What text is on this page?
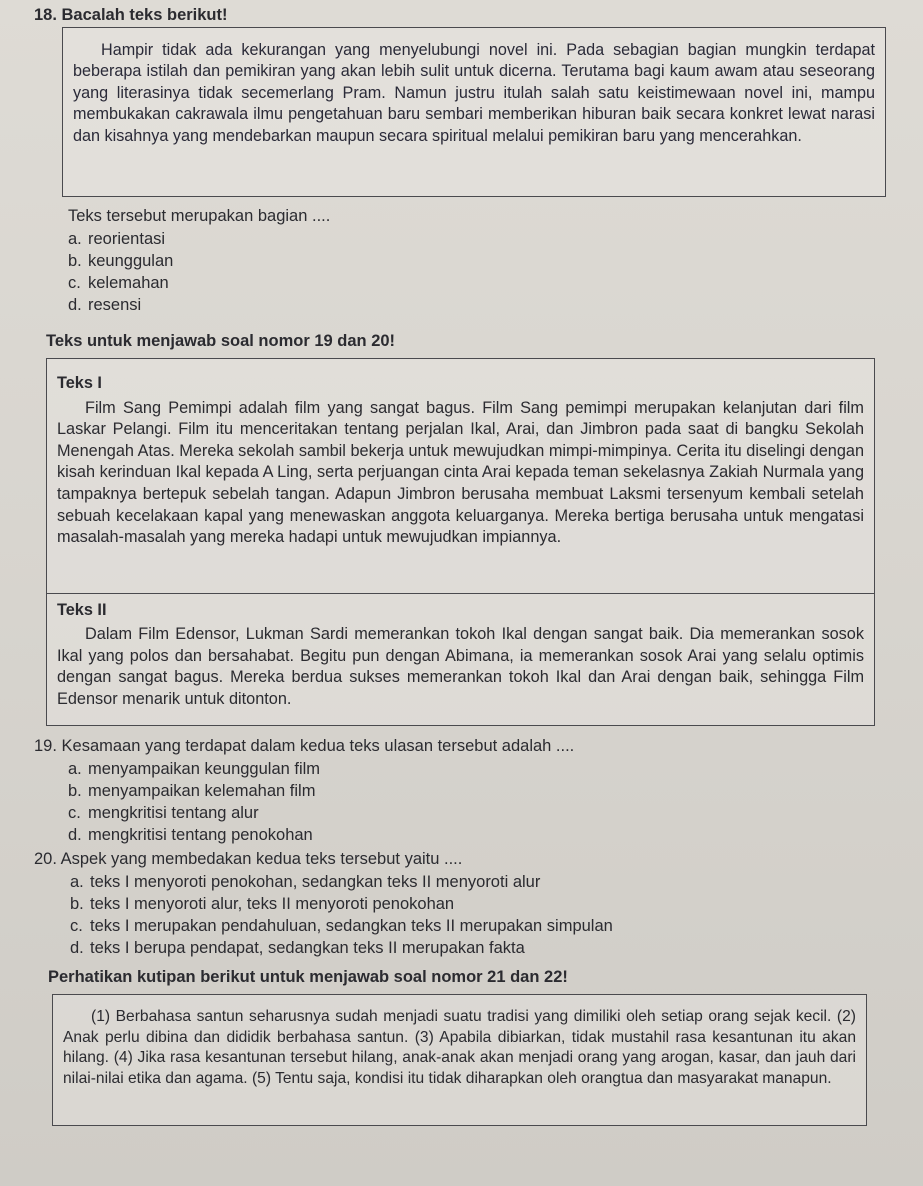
18. Bacalah teks berikut!

Hampir tidak ada kekurangan yang menyelubungi novel ini. Pada sebagian bagian mungkin terdapat beberapa istilah dan pemikiran yang akan lebih sulit untuk dicerna. Terutama bagi kaum awam atau seseorang yang literasinya tidak secemerlang Pram. Namun justru itulah salah satu keistimewaan novel ini, mampu membukakan cakrawala ilmu pengetahuan baru sembari memberikan hiburan baik secara konkret lewat narasi dan kisahnya yang mendebarkan maupun secara spiritual melalui pemikiran baru yang mencerahkan.

Teks tersebut merupakan bagian ....

a. reorientasi
b. keunggulan
c. kelemahan
d. resensi

Teks untuk menjawab soal nomor 19 dan 20!

Teks I

Film Sang Pemimpi adalah film yang sangat bagus. Film Sang pemimpi merupakan kelanjutan dari film Laskar Pelangi. Film itu menceritakan tentang perjalan Ikal, Arai, dan Jimbron pada saat di bangku Sekolah Menengah Atas. Mereka sekolah sambil bekerja untuk mewujudkan mimpi-mimpinya. Cerita itu diselingi dengan kisah kerinduan Ikal kepada A Ling, serta perjuangan cinta Arai kepada teman sekelasnya Zakiah Nurmala yang tampaknya bertepuk sebelah tangan. Adapun Jimbron berusaha membuat Laksmi tersenyum kembali setelah sebuah kecelakaan kapal yang menewaskan anggota keluarganya. Mereka bertiga berusaha untuk mengatasi masalah-masalah yang mereka hadapi untuk mewujudkan impiannya.

Teks II

Dalam Film Edensor, Lukman Sardi memerankan tokoh Ikal dengan sangat baik. Dia memerankan sosok Ikal yang polos dan bersahabat. Begitu pun dengan Abimana, ia memerankan sosok Arai yang selalu optimis dengan sangat bagus. Mereka berdua sukses memerankan tokoh Ikal dan Arai dengan baik, sehingga Film Edensor menarik untuk ditonton.

19. Kesamaan yang terdapat dalam kedua teks ulasan tersebut adalah ....

a. menyampaikan keunggulan film
b. menyampaikan kelemahan film
c. mengkritisi tentang alur
d. mengkritisi tentang penokohan

20. Aspek yang membedakan kedua teks tersebut yaitu ....

a. teks I menyoroti penokohan, sedangkan teks II menyoroti alur
b. teks I menyoroti alur, teks II menyoroti penokohan
c. teks I merupakan pendahuluan, sedangkan teks II merupakan simpulan
d. teks I berupa pendapat, sedangkan teks II merupakan fakta

Perhatikan kutipan berikut untuk menjawab soal nomor 21 dan 22!

(1) Berbahasa santun seharusnya sudah menjadi suatu tradisi yang dimiliki oleh setiap orang sejak kecil. (2) Anak perlu dibina dan dididik berbahasa santun. (3) Apabila dibiarkan, tidak mustahil rasa kesantunan itu akan hilang. (4) Jika rasa kesantunan tersebut hilang, anak-anak akan menjadi orang yang arogan, kasar, dan jauh dari nilai-nilai etika dan agama. (5) Tentu saja, kondisi itu tidak diharapkan oleh orangtua dan masyarakat manapun.
